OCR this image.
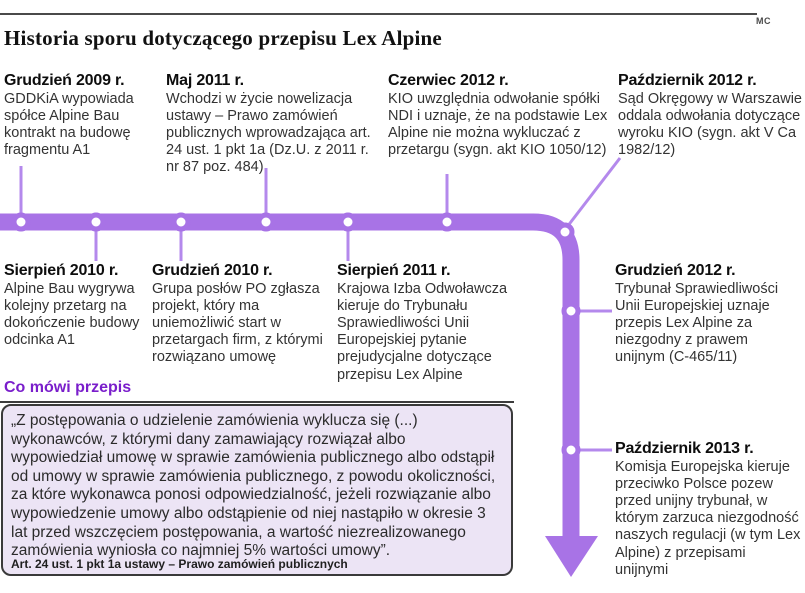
MC
Historia sporu dotyczącego przepisu Lex Alpine

Grudzień 2009 r.

GDDKiA wypowiada spółce Alpine Bau kontrakt na budowę fragmentu A1

Maj 2011 r.

Wchodzi w życie nowelizacja ustawy – Prawo zamówień publicznych wprowadzająca art. 24 ust. 1 pkt 1a (Dz.U. z 2011 r. nr 87 poz. 484)

Czerwiec 2012 r.

KIO uwzględnia odwołanie spółki NDI i uznaje, że na podstawie Lex Alpine nie można wykluczać z przetargu (sygn. akt KIO 1050/12)

Październik 2012 r.

Sąd Okręgowy w Warszawie oddala odwołania dotyczące wyroku KIO (sygn. akt V Ca 1982/12)

Sierpień 2010 r.

Alpine Bau wygrywa kolejny przetarg na dokończenie budowy odcinka A1

Grudzień 2010 r.

Grupa posłów PO zgłasza projekt, który ma uniemożliwić start w przetargach firm, z którymi rozwiązano umowę

Sierpień 2011 r.

Krajowa Izba Odwoławcza kieruje do Trybunału Sprawiedliwości Unii Europejskiej pytanie prejudycjalne dotyczące przepisu Lex Alpine

Grudzień 2012 r.

Trybunał Sprawiedliwości Unii Europejskiej uznaje przepis Lex Alpine za niezgodny z prawem unijnym (C-465/11)

Październik 2013 r.

Komisja Europejska kieruje przeciwko Polsce pozew przed unijny trybunał, w którym zarzuca niezgodność naszych regulacji (w tym Lex Alpine) z przepisami unijnymi

Co mówi przepis

„Z postępowania o udzielenie zamówienia wyklucza się (...) wykonawców, z którymi dany zamawiający rozwiązał albo wypowiedział umowę w sprawie zamówienia publicznego albo odstąpił od umowy w sprawie zamówienia publicznego, z powodu okoliczności, za które wykonawca ponosi odpowiedzialność, jeżeli rozwiązanie albo wypowiedzenie umowy albo odstąpienie od niej nastąpiło w okresie 3 lat przed wszczęciem postępowania, a wartość niezrealizowanego zamówienia wyniosła co najmniej 5% wartości umowy”.

Art. 24 ust. 1 pkt 1a ustawy – Prawo zamówień publicznych
